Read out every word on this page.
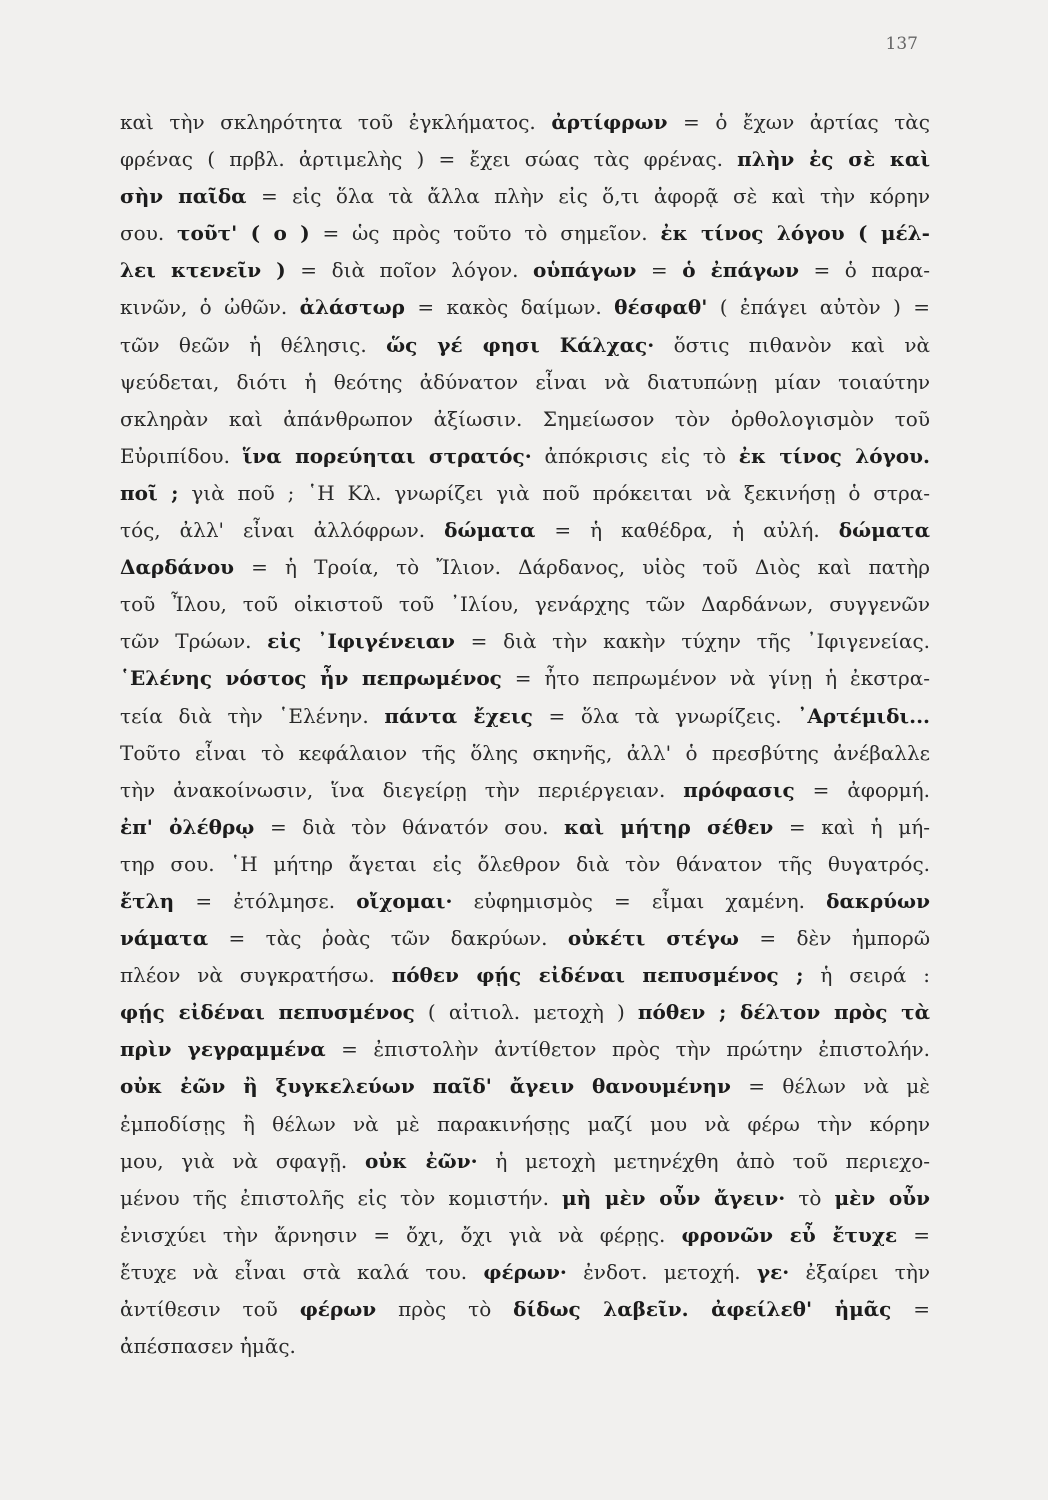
137
καὶ τὴν σκληρότητα τοῦ ἐγκλήματος. ἀρτίφρων = ὁ ἔχων ἀρτίας τὰς
φρένας ( πρβλ. ἀρτιμελὴς ) = ἔχει σώας τὰς φρένας. πλὴν ἐς σὲ καὶ
σὴν παῖδα = εἰς ὅλα τὰ ἄλλα πλὴν εἰς ὅ,τι ἀφορᾷ σὲ καὶ τὴν κόρην
σου. τοῦτ' ( ο ) = ὡς πρὸς τοῦτο τὸ σημεῖον. ἐκ τίνος λόγου ( μέλ-
λει κτενεῖν ) = διὰ ποῖον λόγον. οὑπάγων = ὁ ἐπάγων = ὁ παρα-
κινῶν, ὁ ὠθῶν. ἀλάστωρ = κακὸς δαίμων. θέσφαθ' ( ἐπάγει αὐτὸν ) =
τῶν θεῶν ἡ θέλησις. ὥς γέ φησι Κάλχας· ὅστις πιθανὸν καὶ νὰ
ψεύδεται, διότι ἡ θεότης ἀδύνατον εἶναι νὰ διατυπώνῃ μίαν τοιαύτην
σκληρὰν καὶ ἀπάνθρωπον ἀξίωσιν. Σημείωσον τὸν ὀρθολογισμὸν τοῦ
Εὐριπίδου. ἵνα πορεύηται στρατός· ἀπόκρισις εἰς τὸ ἐκ τίνος λόγου.
ποῖ ; γιὰ ποῦ ; ῾Η Κλ. γνωρίζει γιὰ ποῦ πρόκειται νὰ ξεκινήσῃ ὁ στρα-
τός, ἀλλ' εἶναι ἀλλόφρων. δώματα = ἡ καθέδρα, ἡ αὐλή. δώματα
Δαρδάνου = ἡ Τροία, τὸ Ἴλιον. Δάρδανος, υἱὸς τοῦ Διὸς καὶ πατὴρ
τοῦ Ἶλου, τοῦ οἰκιστοῦ τοῦ ᾽Ιλίου, γενάρχης τῶν Δαρδάνων, συγγενῶν
τῶν Τρώων. εἰς ᾽Ιφιγένειαν = διὰ τὴν κακὴν τύχην τῆς ᾽Ιφιγενείας.
῾Ελένης νόστος ἦν πεπρωμένος = ἦτο πεπρωμένον νὰ γίνῃ ἡ ἐκστρα-
τεία διὰ τὴν ῾Ελένην. πάντα ἔχεις = ὅλα τὰ γνωρίζεις. ᾽Αρτέμιδι...
Τοῦτο εἶναι τὸ κεφάλαιον τῆς ὅλης σκηνῆς, ἀλλ' ὁ πρεσβύτης ἀνέβαλλε
τὴν ἀνακοίνωσιν, ἵνα διεγείρῃ τὴν περιέργειαν. πρόφασις = ἀφορμή.
ἐπ' ὀλέθρῳ = διὰ τὸν θάνατόν σου. καὶ μήτηρ σέθεν = καὶ ἡ μή-
τηρ σου. ῾Η μήτηρ ἄγεται εἰς ὄλεθρον διὰ τὸν θάνατον τῆς θυγατρός.
ἔτλη = ἐτόλμησε. οἴχομαι· εὐφημισμὸς = εἶμαι χαμένη. δακρύων
νάματα = τὰς ῥοὰς τῶν δακρύων. οὐκέτι στέγω = δὲν ἠμπορῶ
πλέον νὰ συγκρατήσω. πόθεν φῄς εἰδέναι πεπυσμένος ; ἡ σειρά :
φῄς εἰδέναι πεπυσμένος ( αἰτιολ. μετοχὴ ) πόθεν ; δέλτον πρὸς τὰ
πρὶν γεγραμμένα = ἐπιστολὴν ἀντίθετον πρὸς τὴν πρώτην ἐπιστολήν.
οὐκ ἐῶν ἢ ξυγκελεύων παῖδ' ἄγειν θανουμένην = θέλων νὰ μὲ
ἐμποδίσῃς ἢ θέλων νὰ μὲ παρακινήσῃς μαζί μου νὰ φέρω τὴν κόρην
μου, γιὰ νὰ σφαγῇ. οὐκ ἐῶν· ἡ μετοχὴ μετηνέχθη ἀπὸ τοῦ περιεχο-
μένου τῆς ἐπιστολῆς εἰς τὸν κομιστήν. μὴ μὲν οὖν ἄγειν· τὸ μὲν οὖν
ἐνισχύει τὴν ἄρνησιν = ὄχι, ὄχι γιὰ νὰ φέρῃς. φρονῶν εὖ ἔτυχε =
ἔτυχε νὰ εἶναι στὰ καλά του. φέρων· ἐνδοτ. μετοχή. γε· ἐξαίρει τὴν
ἀντίθεσιν τοῦ φέρων πρὸς τὸ δίδως λαβεῖν. ἀφείλεθ' ἡμᾶς =
ἀπέσπασεν ἡμᾶς.
